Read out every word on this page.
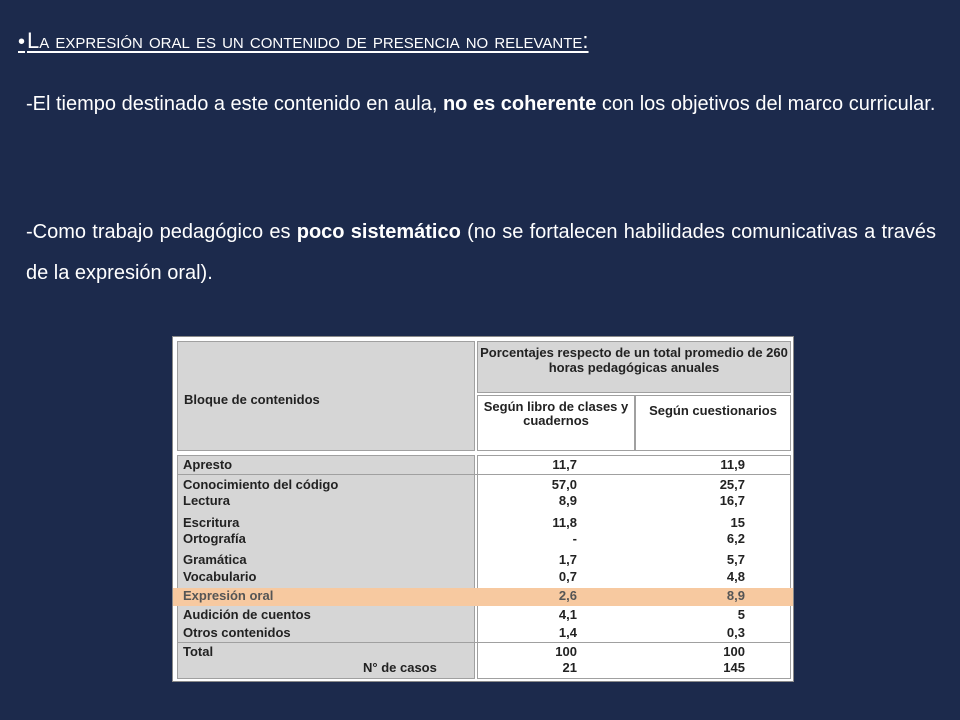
•La expresión oral es un contenido de presencia no relevante:

-El tiempo destinado a este contenido en aula, no es coherente con los objetivos del marco curricular.

-Como trabajo pedagógico es poco sistemático (no se fortalecen habilidades comunicativas a través de la expresión oral).

Bloque de contenidos
Porcentajes respecto de un total promedio de 260 horas pedagógicas anuales
Según libro de clases y cuadernos
Según cuestionarios
Apresto	11,7	11,9
Conocimiento del código	57,0	25,7
Lectura	8,9	16,7
Escritura	11,8	15
Ortografía	-	6,2
Gramática	1,7	5,7
Vocabulario	0,7	4,8
Expresión oral	2,6	8,9
Audición de cuentos	4,1	5
Otros contenidos	1,4	0,3
Total	100	100
N° de casos	21	145
